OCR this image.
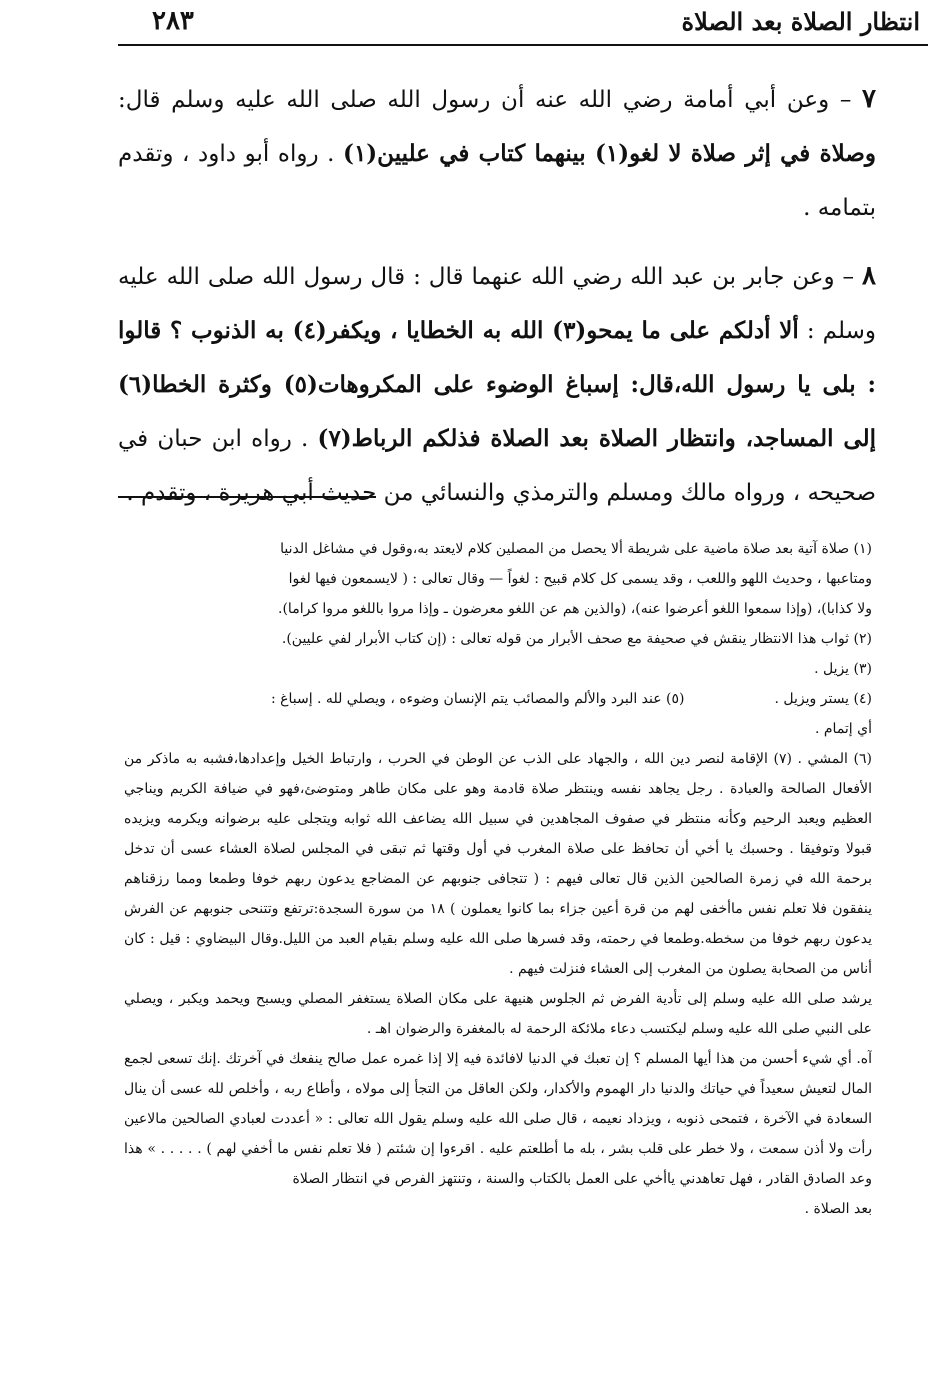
انتظار الصلاة بعد الصلاة
٢٨٣

٧ – وعن أبي أمامة رضي الله عنه أن رسول الله صلى الله عليه وسلم قال: وصلاة في إثر صلاة لا لغو(١) بينهما كتاب في عليين(١) . رواه أبو داود ، وتقدم بتمامه .

٨ – وعن جابر بن عبد الله رضي الله عنهما قال : قال رسول الله صلى الله عليه وسلم : ألا أدلكم على ما يمحو(٣) الله به الخطايا ، ويكفر(٤) به الذنوب ؟ قالوا : بلى يا رسول الله،قال: إسباغ الوضوء على المكروهات(٥) وكثرة الخطا(٦) إلى المساجد، وانتظار الصلاة بعد الصلاة فذلكم الرباط(٧) . رواه ابن حبان في صحيحه ، ورواه مالك ومسلم والترمذي والنسائي من حديث أبي هريرة ، وتقدم .

(١) صلاة آتية بعد صلاة ماضية على شريطة ألا يحصل من المصلين كلام لايعتد به،وقول في مشاغل الدنيا

ومتاعبها ، وحديث اللهو واللعب ، وقد يسمى كل كلام قبيح : لغواً — وقال تعالى : ( لايسمعون فيها لغوا

ولا كذابا)، (وإذا سمعوا اللغو أعرضوا عنه)، (والذين هم عن اللغو معرضون ـ وإذا مروا باللغو مروا كراما).

(٢) ثواب هذا الانتظار ينقش في صحيفة مع صحف الأبرار من قوله تعالى : (إن كتاب الأبرار لفي عليين).

(٣) يزيل .

(٤) يستر ويزيل .(٥) عند البرد والألم والمصائب يتم الإنسان وضوءه ، ويصلي لله . إسباغ :

أي إتمام .

(٦) المشي . (٧) الإقامة لنصر دين الله ، والجهاد على الذب عن الوطن في الحرب ، وارتباط الخيل وإعدادها،فشبه به ماذكر من الأفعال الصالحة والعبادة . رجل يجاهد نفسه وينتظر صلاة قادمة وهو على مكان طاهر ومتوضئ،فهو في ضيافة الكريم ويناجي العظيم ويعبد الرحيم وكأنه منتظر في صفوف المجاهدين في سبيل الله يضاعف الله ثوابه ويتجلى عليه برضوانه ويكرمه ويزيده قبولا وتوفيقا . وحسبك يا أخي أن تحافظ على صلاة المغرب في أول وقتها ثم تبقى في المجلس لصلاة العشاء عسى أن تدخل برحمة الله في زمرة الصالحين الذين قال تعالى فيهم : ( تتجافى جنوبهم عن المضاجع يدعون ربهم خوفا وطمعا ومما رزقناهم ينفقون فلا تعلم نفس ماأخفى لهم من قرة أعين جزاء بما كانوا يعملون ) ١٨ من سورة السجدة:ترتفع وتتنحى جنوبهم عن الفرش يدعون ربهم خوفا من سخطه.وطمعا في رحمته، وقد فسرها صلى الله عليه وسلم بقيام العبد من الليل.وقال البيضاوي : قيل : كان أناس من الصحابة يصلون من المغرب إلى العشاء فنزلت فيهم .

يرشد صلى الله عليه وسلم إلى تأدية الفرض ثم الجلوس هنيهة على مكان الصلاة يستغفر المصلي ويسبح ويحمد ويكبر ، ويصلي على النبي صلى الله عليه وسلم ليكتسب دعاء ملائكة الرحمة له بالمغفرة والرضوان اهـ .

آه. أي شيء أحسن من هذا أيها المسلم ؟ إن تعبك في الدنيا لافائدة فيه إلا إذا غمره عمل صالح ينفعك في آخرتك .إنك تسعى لجمع المال لتعيش سعيداً في حياتك والدنيا دار الهموم والأكدار، ولكن العاقل من التجأ إلى مولاه ، وأطاع ربه ، وأخلص لله عسى أن ينال السعادة في الآخرة ، فتمحى ذنوبه ، ويزداد نعيمه ، قال صلى الله عليه وسلم يقول الله تعالى : « أعددت لعبادي الصالحين مالاعين رأت ولا أذن سمعت ، ولا خطر على قلب بشر ، بله ما أطلعتم عليه . اقرءوا إن شئتم ( فلا تعلم نفس ما أخفي لهم ) . . . . . » هذا وعد الصادق القادر ، فهل تعاهدني ياأخي على العمل بالكتاب والسنة ، وتنتهز الفرص في انتظار الصلاة

بعد الصلاة .
